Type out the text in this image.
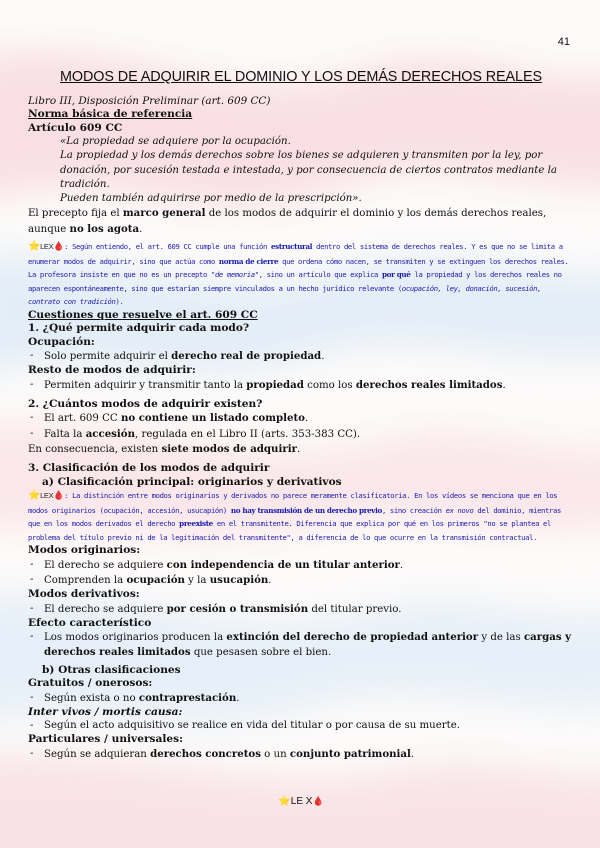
41
MODOS DE ADQUIRIR EL DOMINIO Y LOS DEMÁS DERECHOS REALES
Libro III, Disposición Preliminar (art. 609 CC)
Norma básica de referencia
Artículo 609 CC
«La propiedad se adquiere por la ocupación.
La propiedad y los demás derechos sobre los bienes se adquieren y transmiten por la ley, por donación, por sucesión testada e intestada, y por consecuencia de ciertos contratos mediante la tradición.
Pueden también adquirirse por medio de la prescripción».
El precepto fija el marco general de los modos de adquirir el dominio y los demás derechos reales, aunque no los agota.
⭐LEX🩸: Según entiendo, el art. 609 CC cumple una función estructural dentro del sistema de derechos reales. Y es que no se limita a enumerar modos de adquirir, sino que actúa como norma de cierre que ordena cómo nacen, se transmiten y se extinguen los derechos reales. La profesora insiste en que no es un precepto "de memoria", sino un artículo que explica por qué la propiedad y los derechos reales no aparecen espontáneamente, sino que estarían siempre vinculados a un hecho jurídico relevante (ocupación, ley, donación, sucesión, contrato con tradición).
Cuestiones que resuelve el art. 609 CC
1. ¿Qué permite adquirir cada modo?
Ocupación:
- Solo permite adquirir el derecho real de propiedad.
Resto de modos de adquirir:
- Permiten adquirir y transmitir tanto la propiedad como los derechos reales limitados.
2. ¿Cuántos modos de adquirir existen?
- El art. 609 CC no contiene un listado completo.
- Falta la accesión, regulada en el Libro II (arts. 353-383 CC).
En consecuencia, existen siete modos de adquirir.
3. Clasificación de los modos de adquirir
a) Clasificación principal: originarios y derivativos
⭐LEX🩸: La distinción entre modos originarios y derivados no parece meramente clasificatoria. En los vídeos se menciona que en los modos originarios (ocupación, accesión, usucapión) no hay transmisión de un derecho previo, sino creación ex novo del dominio, mientras que en los modos derivados el derecho preexiste en el transmitente. Diferencia que explica por qué en los primeros "no se plantea el problema del título previo ni de la legitimación del transmitente", a diferencia de lo que ocurre en la transmisión contractual.
Modos originarios:
- El derecho se adquiere con independencia de un titular anterior.
- Comprenden la ocupación y la usucapión.
Modos derivativos:
- El derecho se adquiere por cesión o transmisión del titular previo.
Efecto característico
- Los modos originarios producen la extinción del derecho de propiedad anterior y de las cargas y derechos reales limitados que pesasen sobre el bien.
b) Otras clasificaciones
Gratuitos / onerosos:
- Según exista o no contraprestación.
Inter vivos / mortis causa:
- Según el acto adquisitivo se realice en vida del titular o por causa de su muerte.
Particulares / universales:
- Según se adquieran derechos concretos o un conjunto patrimonial.
⭐LE X🩸
